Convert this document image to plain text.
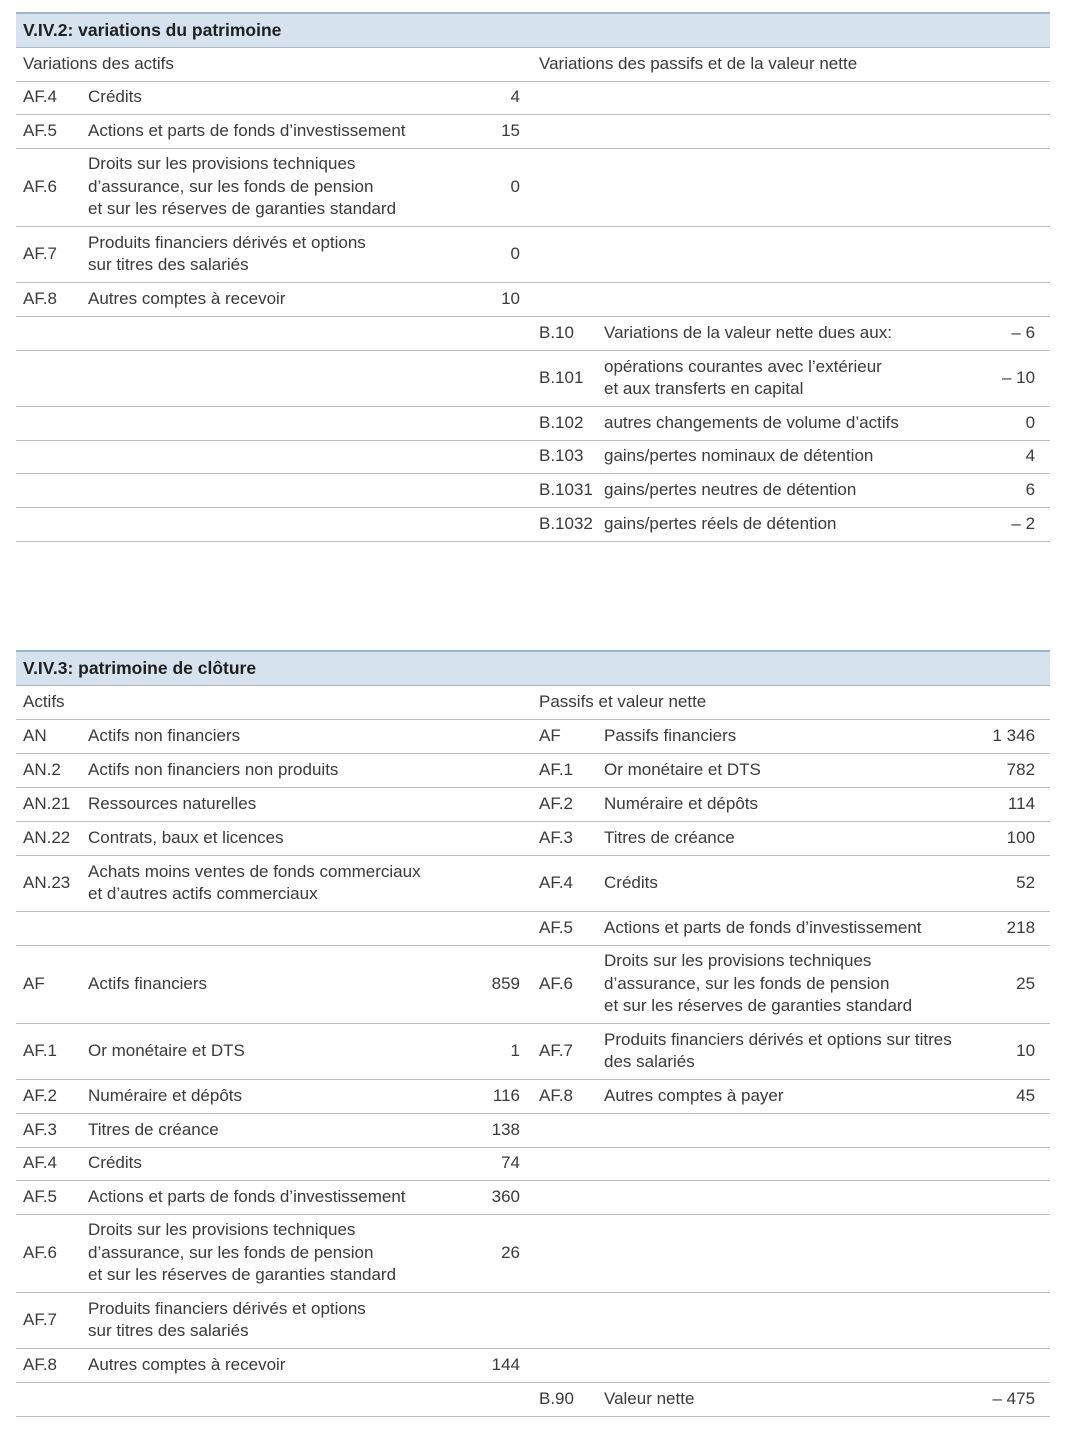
V.IV.2: variations du patrimoine
Variations des actifs			Variations des passifs et de la valeur nette		
AF.4	Crédits	4			
AF.5	Actions et parts de fonds d’investissement	15			
AF.6	Droits sur les provisions techniques
d’assurance, sur les fonds de pension
et sur les réserves de garanties standard	0			
AF.7	Produits financiers dérivés et options
sur titres des salariés	0			
AF.8	Autres comptes à recevoir	10			
			B.10	Variations de la valeur nette dues aux:	– 6
			B.101	opérations courantes avec l’extérieur
et aux transferts en capital	– 10
			B.102	autres changements de volume d’actifs	0
			B.103	gains/pertes nominaux de détention	4
			B.1031	gains/pertes neutres de détention	6
			B.1032	gains/pertes réels de détention	– 2
V.IV.3: patrimoine de clôture
Actifs			Passifs et valeur nette		
AN	Actifs non financiers		AF	Passifs financiers	1 346
AN.2	Actifs non financiers non produits		AF.1	Or monétaire et DTS	782
AN.21	Ressources naturelles		AF.2	Numéraire et dépôts	114
AN.22	Contrats, baux et licences		AF.3	Titres de créance	100
AN.23	Achats moins ventes de fonds commerciaux
et d’autres actifs commerciaux		AF.4	Crédits	52
			AF.5	Actions et parts de fonds d’investissement	218
AF	Actifs financiers	859	AF.6	Droits sur les provisions techniques
d’assurance, sur les fonds de pension
et sur les réserves de garanties standard	25
AF.1	Or monétaire et DTS	1	AF.7	Produits financiers dérivés et options sur titres
des salariés	10
AF.2	Numéraire et dépôts	116	AF.8	Autres comptes à payer	45
AF.3	Titres de créance	138			
AF.4	Crédits	74			
AF.5	Actions et parts de fonds d’investissement	360			
AF.6	Droits sur les provisions techniques
d’assurance, sur les fonds de pension
et sur les réserves de garanties standard	26			
AF.7	Produits financiers dérivés et options
sur titres des salariés				

AF.8	Autres comptes à recevoir	144			
			B.90	Valeur nette	– 475
